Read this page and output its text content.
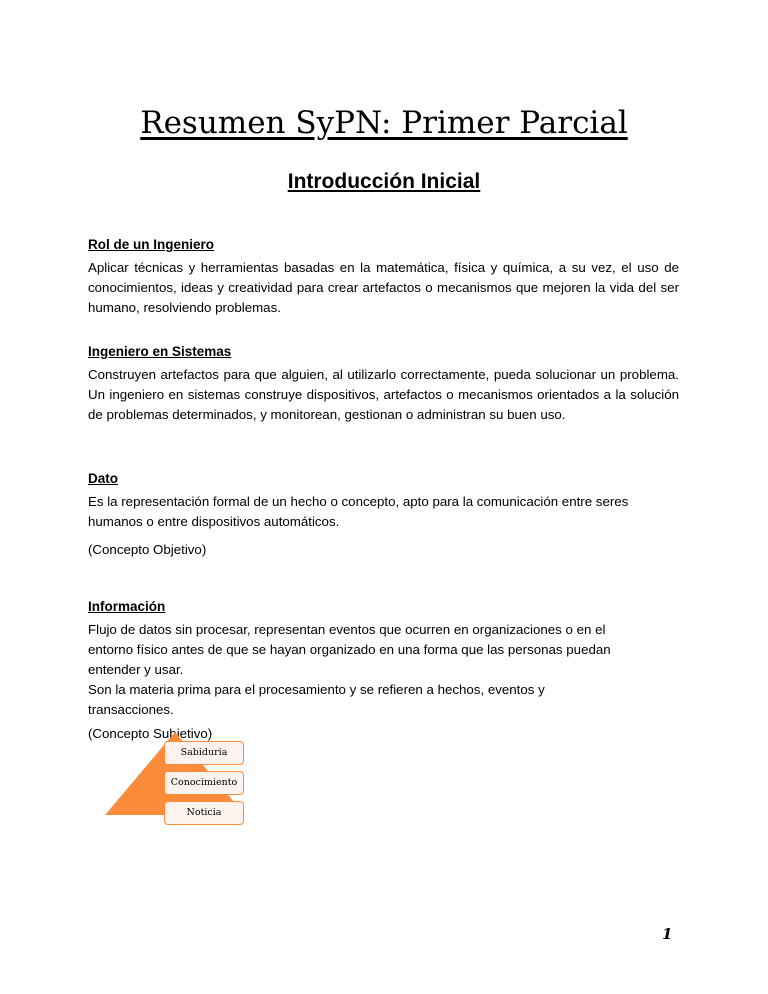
Resumen SyPN: Primer Parcial
Introducción Inicial
Rol de un Ingeniero
Aplicar técnicas y herramientas basadas en la matemática, física y química, a su vez, el uso de conocimientos, ideas y creatividad para crear artefactos o mecanismos que mejoren la vida del ser humano, resolviendo problemas.
Ingeniero en Sistemas
Construyen artefactos para que alguien, al utilizarlo correctamente, pueda solucionar un problema. Un ingeniero en sistemas construye dispositivos, artefactos o mecanismos orientados a la solución de problemas determinados, y monitorean, gestionan o administran su buen uso.
Dato
Es la representación formal de un hecho o concepto, apto para la comunicación entre seres humanos o entre dispositivos automáticos.
(Concepto Objetivo)
Información
Flujo de datos sin procesar, representan eventos que ocurren en organizaciones o en el entorno físico antes de que se hayan organizado en una forma que las personas puedan entender y usar.
Son la materia prima para el procesamiento y se refieren a hechos, eventos y transacciones.
(Concepto Subjetivo)
Sabiduria
Conocimiento
Noticia
1
